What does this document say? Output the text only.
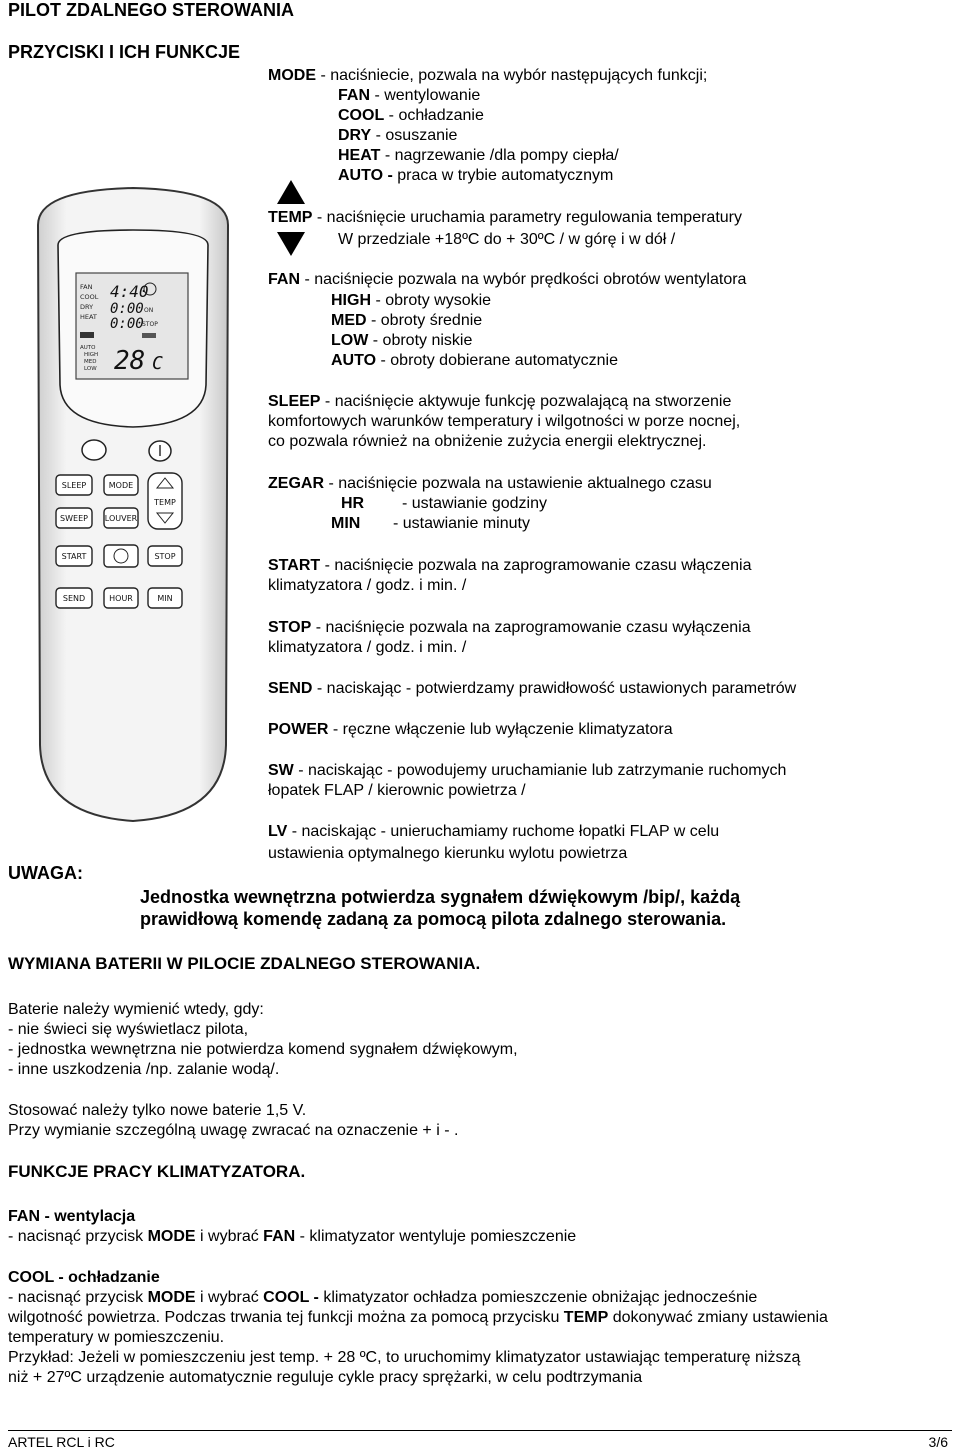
PILOT ZDALNEGO STEROWANIA
PRZYCISKI I ICH FUNKCJE
FAN
COOL
DRY
HEAT
4:40
0:00
0:00
ON
STOP
AUTO
HIGH
MED
LOW 28 C
SLEEP	MODE
TEMP
SWEEP LOUVER
START	STOP
SEND	HOUR	MIN
MODE - naciśniecie, pozwala na wybór następujących funkcji;
FAN - wentylowanie
COOL - ochładzanie
DRY - osuszanie
HEAT - nagrzewanie /dla pompy ciepła/
AUTO - praca w trybie automatycznym
TEMP - naciśnięcie uruchamia parametry regulowania temperatury
W przedziale +18ºC do + 30ºC / w górę i w dół /
FAN - naciśnięcie pozwala na wybór prędkości obrotów wentylatora
HIGH - obroty wysokie
MED - obroty średnie
LOW - obroty niskie
AUTO - obroty dobierane automatycznie
SLEEP - naciśnięcie aktywuje funkcję pozwalającą na stworzenie
komfortowych warunków temperatury i wilgotności w porze nocnej,
co pozwala również na obniżenie zużycia energii elektrycznej.
ZEGAR - naciśnięcie pozwala na ustawienie aktualnego czasu
HR - ustawianie godziny
MIN - ustawianie minuty
START - naciśnięcie pozwala na zaprogramowanie czasu włączenia
klimatyzatora / godz. i min. /
STOP - naciśnięcie pozwala na zaprogramowanie czasu wyłączenia
klimatyzatora / godz. i min. /
SEND - naciskając - potwierdzamy prawidłowość ustawionych parametrów
POWER - ręczne włączenie lub wyłączenie klimatyzatora
SW - naciskając - powodujemy uruchamianie lub zatrzymanie ruchomych
łopatek FLAP / kierownic powietrza /
LV - naciskając - unieruchamiamy ruchome łopatki FLAP w celu
ustawienia optymalnego kierunku wylotu powietrza
UWAGA:
Jednostka wewnętrzna potwierdza sygnałem dźwiękowym /bip/, każdą
prawidłową komendę zadaną za pomocą pilota zdalnego sterowania.
WYMIANA BATERII W PILOCIE ZDALNEGO STEROWANIA.
Baterie należy wymienić wtedy, gdy:
- nie świeci się wyświetlacz pilota,
- jednostka wewnętrzna nie potwierdza komend sygnałem dźwiękowym,
- inne uszkodzenia /np. zalanie wodą/.
Stosować należy tylko nowe baterie 1,5 V.
Przy wymianie szczególną uwagę zwracać na oznaczenie + i - .
FUNKCJE PRACY KLIMATYZATORA.
FAN - wentylacja
- nacisnąć przycisk MODE i wybrać FAN - klimatyzator wentyluje pomieszczenie
COOL - ochładzanie
- nacisnąć przycisk MODE i wybrać COOL - klimatyzator ochładza pomieszczenie obniżając jednocześnie
wilgotność powietrza. Podczas trwania tej funkcji można za pomocą przycisku TEMP dokonywać zmiany ustawienia
temperatury w pomieszczeniu.
Przykład: Jeżeli w pomieszczeniu jest temp. + 28 ºC, to uruchomimy klimatyzator ustawiając temperaturę niższą
niż + 27ºC urządzenie automatycznie reguluje cykle pracy sprężarki, w celu podtrzymania
ARTEL RCL i RC	3/6
